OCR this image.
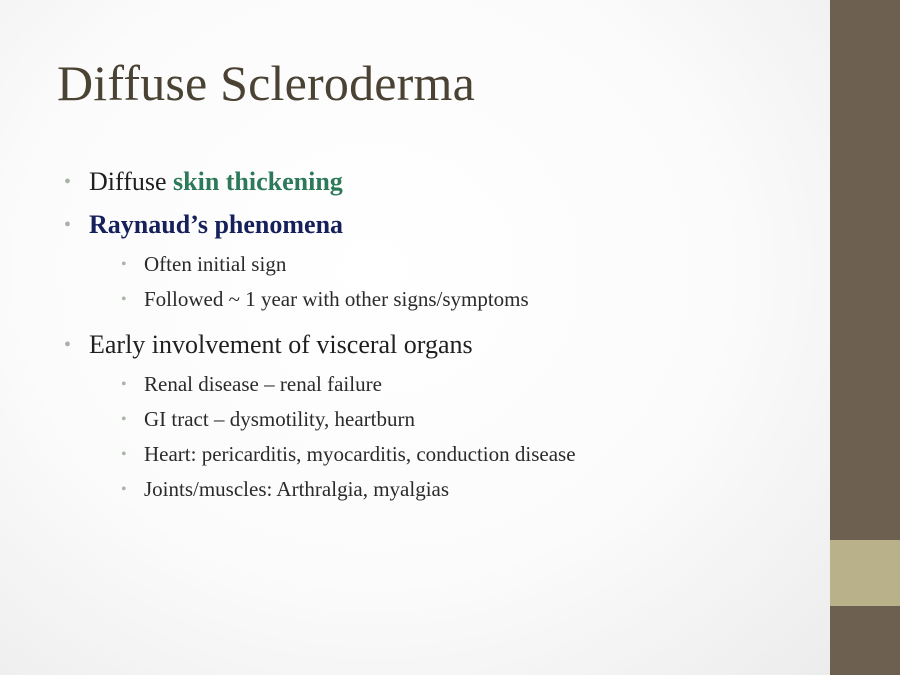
Diffuse Scleroderma
• Diffuse skin thickening
• Raynaud’s phenomena
• Often initial sign
• Followed ~ 1 year with other signs/symptoms
• Early involvement of visceral organs
• Renal disease – renal failure
• GI tract – dysmotility, heartburn
• Heart: pericarditis, myocarditis, conduction disease
• Joints/muscles: Arthralgia, myalgias
